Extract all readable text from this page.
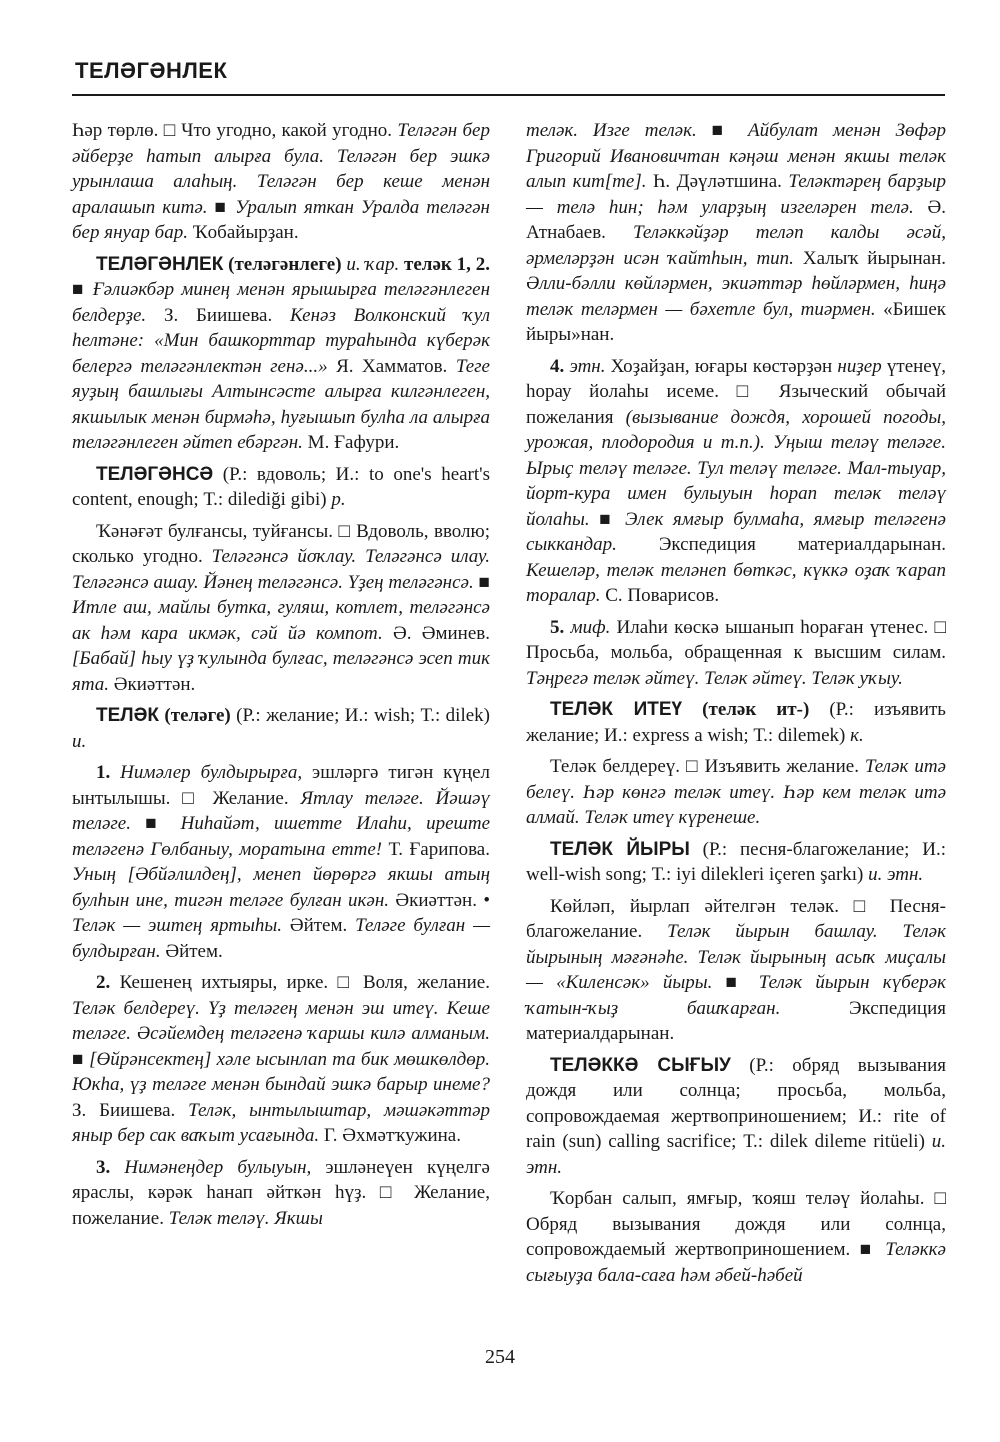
ТЕЛӘГӘНЛЕК

Һәр төрлө. □ Что угодно, какой угодно. Теләгән бер әйберҙе һатып алырға була. Теләгән бер эшкә урынлаша алаһың. Теләгән бер кеше менән аралашып китә. ■ Уралып яткан Уралда теләгән бер януар бар. Ҡобайырҙан.

ТЕЛӘГӘНЛЕК (теләгәнлеге) и. ҡар. теләк 1, 2. ■ Ғәлиәкбәр минең менән ярышырға теләгәнлеген белдерҙе. З. Биишева. Кенәз Волконский ҡул һелтәне: «Мин башкорттар тураһында күберәк белергә теләгәнлектән генә...» Я. Хамматов. Теге яуҙың башлығы Алтынсәсте алырға килгәнлеген, якшылык менән бирмәһә, һуғышып булһа ла алырға теләгәнлеген әйтеп ебәргән. М. Ғафури.

ТЕЛӘГӘНСӘ (Р.: вдоволь; И.: to one's heart's content, enough; Т.: dilediği gibi) р.

Ҡәнәғәт булғансы, туйғансы. □ Вдоволь, вволю; сколько угодно. Теләгәнсә йоҡлау. Теләгәнсә илау. Теләгәнсә ашау. Йәнең теләгәнсә. Үҙең теләгәнсә. ■ Итле аш, майлы бутка, гуляш, котлет, теләгәнсә ак һәм кара икмәк, сәй йә компот. Ә. Әминев. [Бабай] һыу үҙ ҡулында булғас, теләгәнсә эсеп тик ята. Әкиәттән.

ТЕЛӘК (теләге) (Р.: желание; И.: wish; Т.: dilek) и.

1. Нимәлер булдырырға, эшләргә тигән күңел ынтылышы. □ Желание. Ятлау теләге. Йәшәү теләге. ■ Ниһайәт, ишетте Илаһи, иреште теләгенә Гөлбаныу, моратына етте! Т. Ғарипова. Уның [Әбйәлилдең], менеп йөрөргә якшы атың булһын ине, тигән теләге булған икән. Әкиәттән. • Теләк — эштең яртыһы. Әйтем. Теләге булған — булдырған. Әйтем.

2. Кешенең ихтыяры, ирке. □ Воля, желание. Теләк белдереү. Үҙ теләгең менән эш итеү. Кеше теләге. Әсәйемдең теләгенә ҡаршы килә алманым. ■ [Өйрәнсектең] хәле ысынлап та бик мөшкөлдөр. Юкһа, үҙ теләге менән бындай эшкә барыр инеме? З. Биишева. Теләк, ынтылыштар, мәшәкәттәр яныр бер сак ваҡыт усағында. Г. Әхмәтҡужина.

3. Нимәнеңдер булыуын, эшләнеүен күңелгә яраслы, кәрәк һанап әйткән һүҙ. □ Желание, пожелание. Теләк теләү. Якшы

теләк. Изге теләк. ■ Айбулат менән Зөфәр Григорий Ивановичтан кәңәш менән якшы теләк алып кит[те]. Һ. Дәүләтшина. Теләктәрең барҙыр — телә һин; һәм уларҙың изгеләрен телә. Ә. Атнабаев. Теләккәйҙәр теләп калды әсәй, әрмеләрҙән исән ҡайтһын, тип. Халыҡ йырынан. Әлли-бәлли көйләрмен, экиәттәр һөйләрмен, һиңә теләк теләрмен — бәхетле бул, тиәрмен. «Бишек йыры»нан.

4. этн. Хоҙайҙан, юғары көстәрҙән ниҙер үтенеү, һорау йолаһы исеме. □ Языческий обычай пожелания (вызывание дождя, хорошей погоды, урожая, плодородия и т.п.). Уңыш теләү теләге. Ырыҫ теләү теләге. Тул теләү теләге. Мал-тыуар, йорт-кура имен булыуын һорап теләк теләү йолаһы. ■ Элек ямғыр булмаһа, ямғыр теләгенә сыккандар. Экспедиция материалдарынан. Кешеләр, теләк теләнеп бөткәс, күккә оҙаҡ ҡарап торалар. С. Поварисов.

5. миф. Илаһи көскә ышанып һораған үтенес. □ Просьба, мольба, обращенная к высшим силам. Тәңрегә теләк әйтеү. Теләк әйтеү. Теләк уҡыу.

ТЕЛӘК ИТЕҮ (теләк ит-) (Р.: изъявить желание; И.: express a wish; Т.: dilemek) к.

Теләк белдереү. □ Изъявить желание. Теләк итә белеү. Һәр көнгә теләк итеү. Һәр кем теләк итә алмай. Теләк итеү күренеше.

ТЕЛӘК ЙЫРЫ (Р.: песня-благожелание; И.: well-wish song; Т.: iyi dilekleri içeren şarkı) и. этн.

Көйләп, йырлап әйтелгән теләк. □ Песня-благожелание. Теләк йырын башлау. Теләк йырының мәғәнәһе. Теләк йырының асыҡ миҫалы — «Киленсәк» йыры. ■ Теләк йырын күберәк ҡатын-ҡыҙ башҡарған. Экспедиция материалдарынан.

ТЕЛӘККӘ СЫҒЫУ (Р.: обряд вызывания дождя или солнца; просьба, мольба, сопровождаемая жертвоприношением; И.: rite of rain (sun) calling sacrifice; Т.: dilek dileme ritüeli) и. этн.

Ҡорбан салып, ямғыр, ҡояш теләү йолаһы. □ Обряд вызывания дождя или солнца, сопровождаемый жертвоприношением. ■ Теләккә сығыуҙа бала-саға һәм әбей-һәбей

254
